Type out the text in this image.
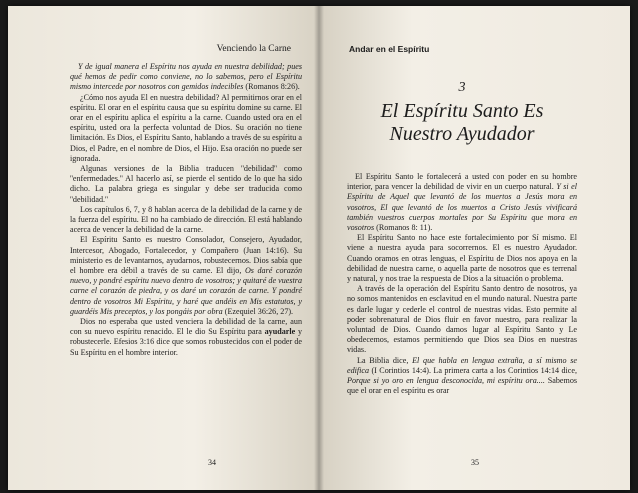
Venciendo la Carne

Y de igual manera el Espíritu nos ayuda en nuestra debilidad; pues qué hemos de pedir como conviene, no lo sabemos, pero el Espíritu mismo intercede por nosotros con gemidos indecibles (Romanos 8:26).

¿Cómo nos ayuda El en nuestra debilidad? Al permitirnos orar en el espíritu. El orar en el espíritu causa que su espíritu domine su carne. El orar en el espíritu aplica el espíritu a la carne. Cuando usted ora en el espíritu, usted ora la perfecta voluntad de Dios. Su oración no tiene limitación. Es Dios, el Espíritu Santo, hablando a través de su espíritu a Dios, el Padre, en el nombre de Dios, el Hijo. Esa oración no puede ser ignorada.

Algunas versiones de la Biblia traducen ''debilidad'' como ''enfermedades.'' Al hacerlo así, se pierde el sentido de lo que ha sido dicho. La palabra griega es singular y debe ser traducida como ''debilidad.''

Los capítulos 6, 7, y 8 hablan acerca de la debilidad de la carne y de la fuerza del espíritu. El no ha cambiado de dirección. El está hablando acerca de vencer la debilidad de la carne.

El Espíritu Santo es nuestro Consolador, Consejero, Ayudador, Intercesor, Abogado, Fortalecedor, y Compañero (Juan 14:16). Su ministerio es de levantarnos, ayudarnos, robustecernos. Dios sabía que el hombre era débil a través de su carne. El dijo, Os daré corazón nuevo, y pondré espíritu nuevo dentro de vosotros; y quitaré de vuestra carne el corazón de piedra, y os daré un corazón de carne. Y pondré dentro de vosotros Mi Espíritu, y haré que andéis en Mis estatutos, y guardéis Mis preceptos, y los pongáis por obra (Ezequiel 36:26, 27).

Dios no esperaba que usted venciera la debilidad de la carne, aun con su nuevo espíritu renacido. El le dio Su Espíritu para ayudarle y robustecerle. Efesios 3:16 dice que somos robustecidos con el poder de Su Espíritu en el hombre interior.

34
Andar en el Espíritu
3
El Espíritu Santo Es
Nuestro Ayudador

El Espíritu Santo le fortalecerá a usted con poder en su hombre interior, para vencer la debilidad de vivir en un cuerpo natural. Y si el Espíritu de Aquel que levantó de los muertos a Jesús mora en vosotros, El que levantó de los muertos a Cristo Jesús vivificará también vuestros cuerpos mortales por Su Espíritu que mora en vosotros (Romanos 8: 11).

El Espíritu Santo no hace este fortalecimiento por Sí mismo. El viene a nuestra ayuda para socorrernos. El es nuestro Ayudador. Cuando oramos en otras lenguas, el Espíritu de Dios nos apoya en la debilidad de nuestra carne, o aquella parte de nosotros que es terrenal y natural, y nos trae la respuesta de Dios a la situación o problema.

A través de la operación del Espíritu Santo dentro de nosotros, ya no somos mantenidos en esclavitud en el mundo natural. Nuestra parte es darle lugar y cederle el control de nuestras vidas. Esto permite al poder sobrenatural de Dios fluir en favor nuestro, para realizar la voluntad de Dios. Cuando damos lugar al Espíritu Santo y Le obedecemos, estamos permitiendo que Dios sea Dios en nuestras vidas.

La Biblia dice, El que habla en lengua extraña, a sí mismo se edifica (I Corintios 14:4). La primera carta a los Corintios 14:14 dice, Porque si yo oro en lengua desconocida, mi espíritu ora.... Sabemos que el orar en el espíritu es orar

35
